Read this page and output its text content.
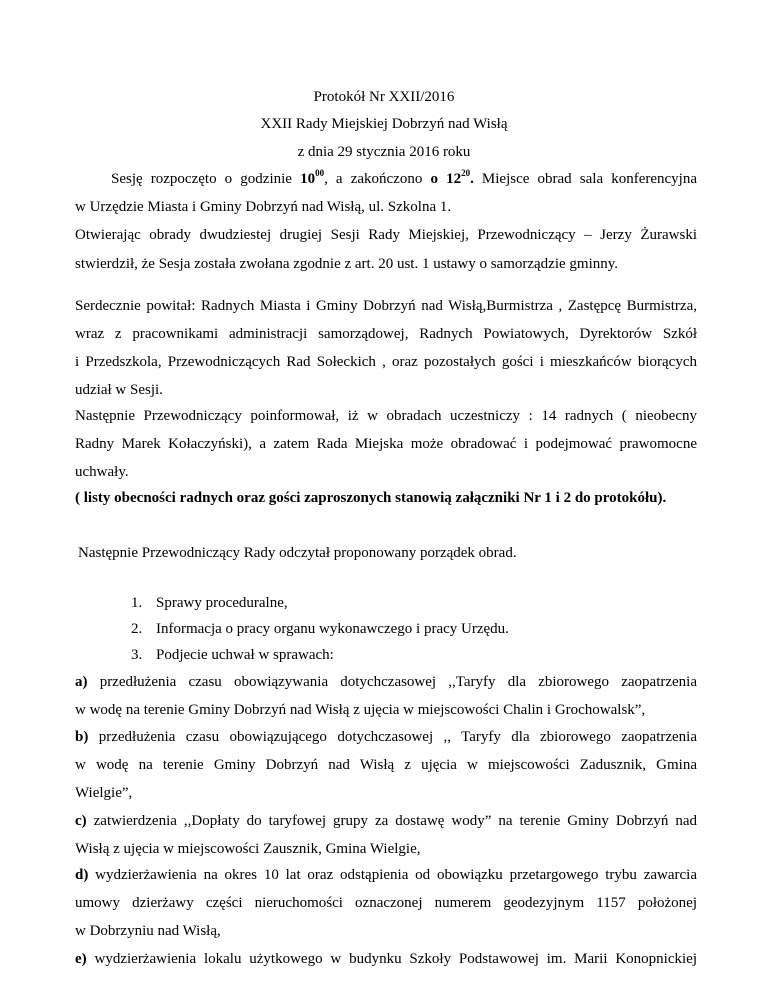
Protokół Nr XXII/2016
XXII Rady Miejskiej Dobrzyń nad Wisłą
z dnia 29 stycznia 2016 roku
Sesję rozpoczęto o godzinie $10^{00}$, a zakończono o $12^{20}$. Miejsce obrad sala konferencyjna
w Urzędzie Miasta i Gminy Dobrzyń nad Wisłą, ul. Szkolna 1.
Otwierając obrady dwudziestej drugiej Sesji Rady Miejskiej, Przewodniczący – Jerzy Żurawski
stwierdził, że Sesja została zwołana zgodnie z art. 20 ust. 1 ustawy o samorządzie gminny.
Serdecznie powitał: Radnych Miasta i Gminy Dobrzyń nad Wisłą,Burmistrza , Zastępcę Burmistrza,
wraz z pracownikami administracji samorządowej, Radnych Powiatowych, Dyrektorów Szkół
i Przedszkola, Przewodniczących Rad Sołeckich , oraz pozostałych gości i mieszkańców biorących
udział w Sesji.
Następnie Przewodniczący poinformował, iż w obradach uczestniczy : 14 radnych ( nieobecny
Radny Marek Kołaczyński), a zatem Rada Miejska może obradować i podejmować prawomocne
uchwały.
( listy obecności radnych oraz gości zaproszonych stanowią załączniki Nr 1 i 2 do protokółu).
Następnie Przewodniczący Rady odczytał proponowany porządek obrad.
1. Sprawy proceduralne,
2. Informacja o pracy organu wykonawczego i pracy Urzędu.
3. Podjecie uchwał w sprawach:
a) przedłużenia czasu obowiązywania dotychczasowej ,,Taryfy dla zbiorowego zaopatrzenia
w wodę na terenie Gminy Dobrzyń nad Wisłą z ujęcia w miejscowości Chalin i Grochowalsk”,
b) przedłużenia czasu obowiązującego dotychczasowej ,, Taryfy dla zbiorowego zaopatrzenia
w wodę na terenie Gminy Dobrzyń nad Wisłą z ujęcia w miejscowości Zadusznik, Gmina
Wielgie”,
c) zatwierdzenia ,,Dopłaty do taryfowej grupy za dostawę wody” na terenie Gminy Dobrzyń nad
Wisłą z ujęcia w miejscowości Zausznik, Gmina Wielgie,
d) wydzierżawienia na okres 10 lat oraz odstąpienia od obowiązku przetargowego trybu zawarcia
umowy dzierżawy części nieruchomości oznaczonej numerem geodezyjnym 1157 położonej
w Dobrzyniu nad Wisłą,
e) wydzierżawienia lokalu użytkowego w budynku Szkoły Podstawowej im. Marii Konopnickiej
